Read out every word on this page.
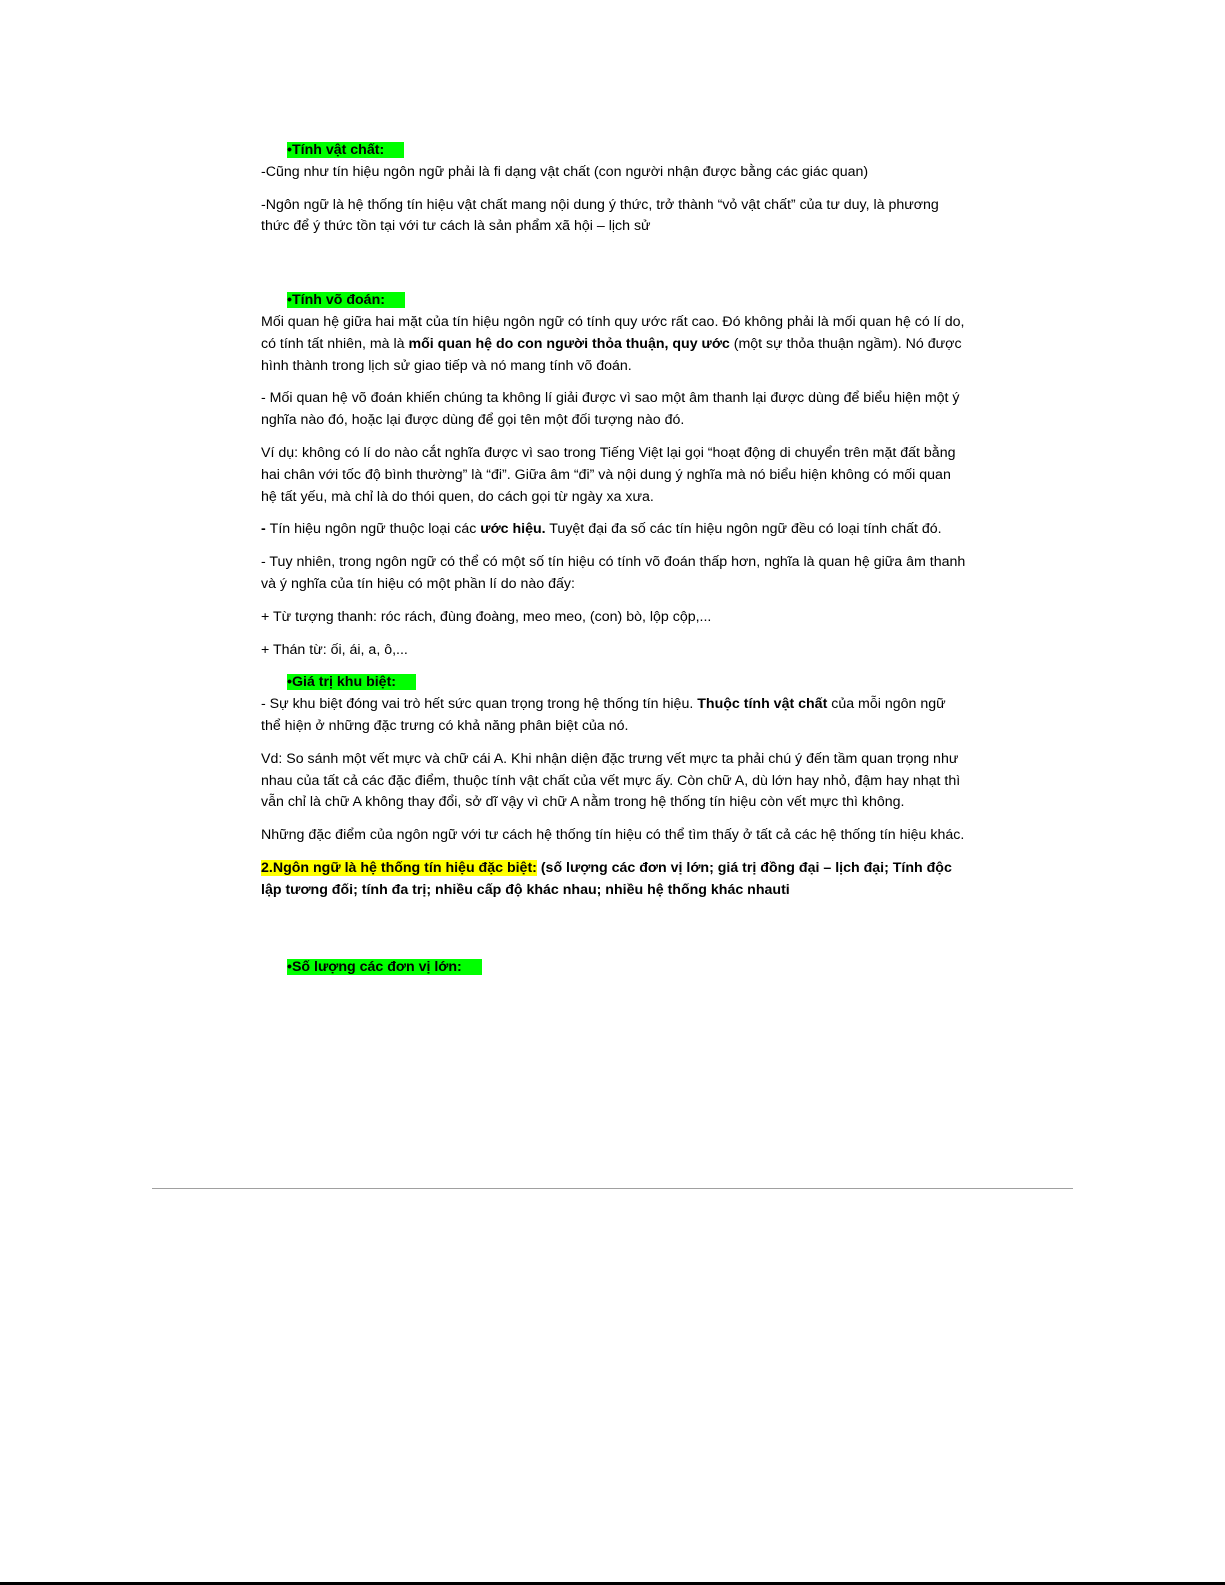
•Tính vật chất:

-Cũng như tín hiệu ngôn ngữ phải là fi dạng vật chất (con người nhận được bằng các giác quan)

-Ngôn ngữ là hệ thống tín hiệu vật chất mang nội dung ý thức, trở thành “vỏ vật chất” của tư duy, là phương thức để ý thức tồn tại với tư cách là sản phẩm xã hội – lịch sử

•Tính võ đoán:

Mối quan hệ giữa hai mặt của tín hiệu ngôn ngữ có tính quy ước rất cao. Đó không phải là mối quan hệ có lí do, có tính tất nhiên, mà là mối quan hệ do con người thỏa thuận, quy ước (một sự thỏa thuận ngầm). Nó được hình thành trong lịch sử giao tiếp và nó mang tính võ đoán.

- Mối quan hệ võ đoán khiến chúng ta không lí giải được vì sao một âm thanh lại được dùng để biểu hiện một ý nghĩa nào đó, hoặc lại được dùng để gọi tên một đối tượng nào đó.

Ví dụ: không có lí do nào cắt nghĩa được vì sao trong Tiếng Việt lại gọi “hoạt động di chuyển trên mặt đất bằng hai chân với tốc độ bình thường” là “đi”. Giữa âm “đi” và nội dung ý nghĩa mà nó biểu hiện không có mối quan hệ tất yếu, mà chỉ là do thói quen, do cách gọi từ ngày xa xưa.

- Tín hiệu ngôn ngữ thuộc loại các ước hiệu. Tuyệt đại đa số các tín hiệu ngôn ngữ đều có loại tính chất đó.

- Tuy nhiên, trong ngôn ngữ có thể có một số tín hiệu có tính võ đoán thấp hơn, nghĩa là quan hệ giữa âm thanh và ý nghĩa của tín hiệu có một phần lí do nào đấy:

+ Từ tượng thanh: róc rách, đùng đoàng, meo meo, (con) bò, lộp cộp,...

+ Thán từ: ối, ái, a, ô,...

•Giá trị khu biệt:

- Sự khu biệt đóng vai trò hết sức quan trọng trong hệ thống tín hiệu. Thuộc tính vật chất của mỗi ngôn ngữ thể hiện ở những đặc trưng có khả năng phân biệt của nó.

Vd: So sánh một vết mực và chữ cái A. Khi nhận diện đặc trưng vết mực ta phải chú ý đến tầm quan trọng như nhau của tất cả các đặc điểm, thuộc tính vật chất của vết mực ấy. Còn chữ A, dù lớn hay nhỏ, đậm hay nhạt thì vẫn chỉ là chữ A không thay đổi, sở dĩ vậy vì chữ A nằm trong hệ thống tín hiệu còn vết mực thì không.

Những đặc điểm của ngôn ngữ với tư cách hệ thống tín hiệu có thể tìm thấy ở tất cả các hệ thống tín hiệu khác.

2.Ngôn ngữ là hệ thống tín hiệu đặc biệt: (số lượng các đơn vị lớn; giá trị đồng đại – lịch đại; Tính độc lập tương đối; tính đa trị; nhiều cấp độ khác nhau; nhiều hệ thống khác nhauti

•Số lượng các đơn vị lớn:
